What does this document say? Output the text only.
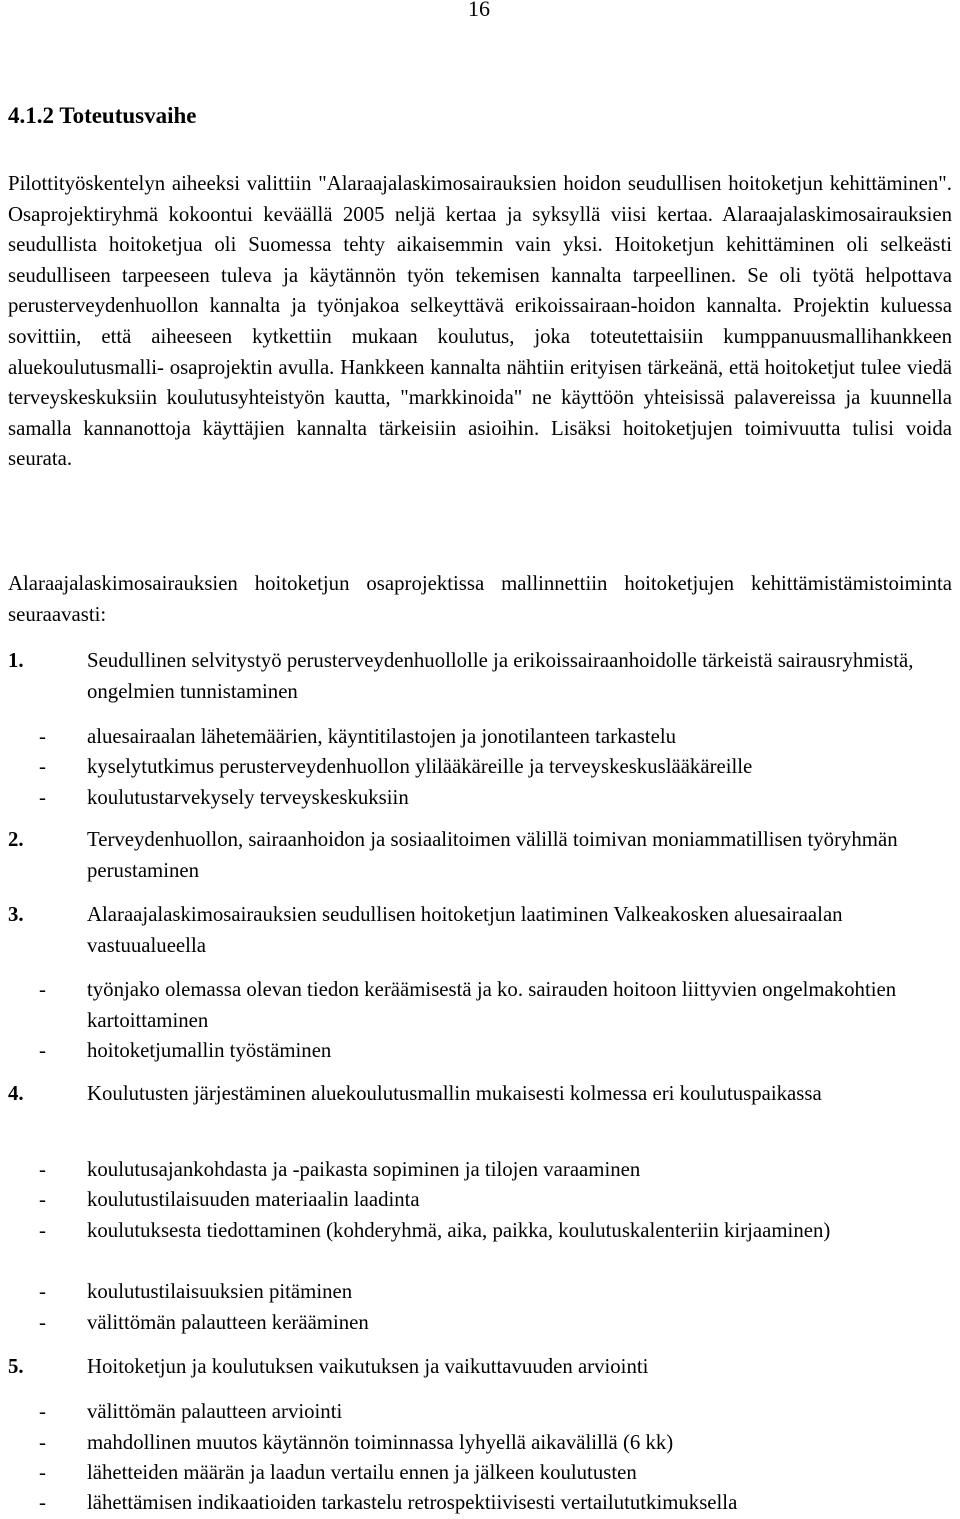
16
4.1.2 Toteutusvaihe

Pilottityöskentelyn aiheeksi valittiin "Alaraajalaskimosairauksien hoidon seudullisen hoitoketjun kehittäminen". Osaprojektiryhmä kokoontui keväällä 2005 neljä kertaa ja syksyllä viisi kertaa. Alaraajalaskimosairauksien seudullista hoitoketjua oli Suomessa tehty aikaisemmin vain yksi. Hoitoketjun kehittäminen oli selkeästi seudulliseen tarpeeseen tuleva ja käytännön työn tekemisen kannalta tarpeellinen. Se oli työtä helpottava perusterveydenhuollon kannalta ja työnjakoa selkeyttävä erikoissairaan-hoidon kannalta. Projektin kuluessa sovittiin, että aiheeseen kytkettiin mukaan koulutus, joka toteutettaisiin kumppanuusmallihankkeen aluekoulutusmalli- osaprojektin avulla. Hankkeen kannalta nähtiin erityisen tärkeänä, että hoitoketjut tulee viedä terveyskeskuksiin koulutusyhteistyön kautta, "markkinoida" ne käyttöön yhteisissä palavereissa ja kuunnella samalla kannanottoja käyttäjien kannalta tärkeisiin asioihin. Lisäksi hoitoketjujen toimivuutta tulisi voida seurata.

Alaraajalaskimosairauksien hoitoketjun osaprojektissa mallinnettiin hoitoketjujen kehittämistämistoiminta seuraavasti:

1.	Seudullinen selvitystyö perusterveydenhuollolle ja erikoissairaanhoidolle tärkeistä sairausryhmistä, ongelmien tunnistaminen
-	aluesairaalan lähetemäärien, käyntitilastojen ja jonotilanteen tarkastelu
-	kyselytutkimus perusterveydenhuollon ylilääkäreille ja terveyskeskuslääkäreille
-	koulutustarvekysely terveyskeskuksiin
2.	Terveydenhuollon, sairaanhoidon ja sosiaalitoimen välillä toimivan moniammatillisen työryhmän perustaminen
3.	Alaraajalaskimosairauksien seudullisen hoitoketjun laatiminen Valkeakosken aluesairaalan vastuualueella
-	työnjako olemassa olevan tiedon keräämisestä ja ko. sairauden hoitoon liittyvien ongelmakohtien kartoittaminen
-	hoitoketjumallin työstäminen
4.	Koulutusten järjestäminen aluekoulutusmallin mukaisesti kolmessa eri koulutuspaikassa
-	koulutusajankohdasta ja -paikasta sopiminen ja tilojen varaaminen
-	koulutustilaisuuden materiaalin laadinta
-	koulutuksesta tiedottaminen (kohderyhmä, aika, paikka, koulutuskalenteriin kirjaaminen)
-	koulutustilaisuuksien pitäminen
-	välittömän palautteen kerääminen
5.	Hoitoketjun ja koulutuksen vaikutuksen ja vaikuttavuuden arviointi
-	välittömän palautteen arviointi
-	mahdollinen muutos käytännön toiminnassa lyhyellä aikavälillä (6 kk)
-	lähetteiden määrän ja laadun vertailu ennen ja jälkeen koulutusten
-	lähettämisen indikaatioiden tarkastelu retrospektiivisesti vertailututkimuksella
